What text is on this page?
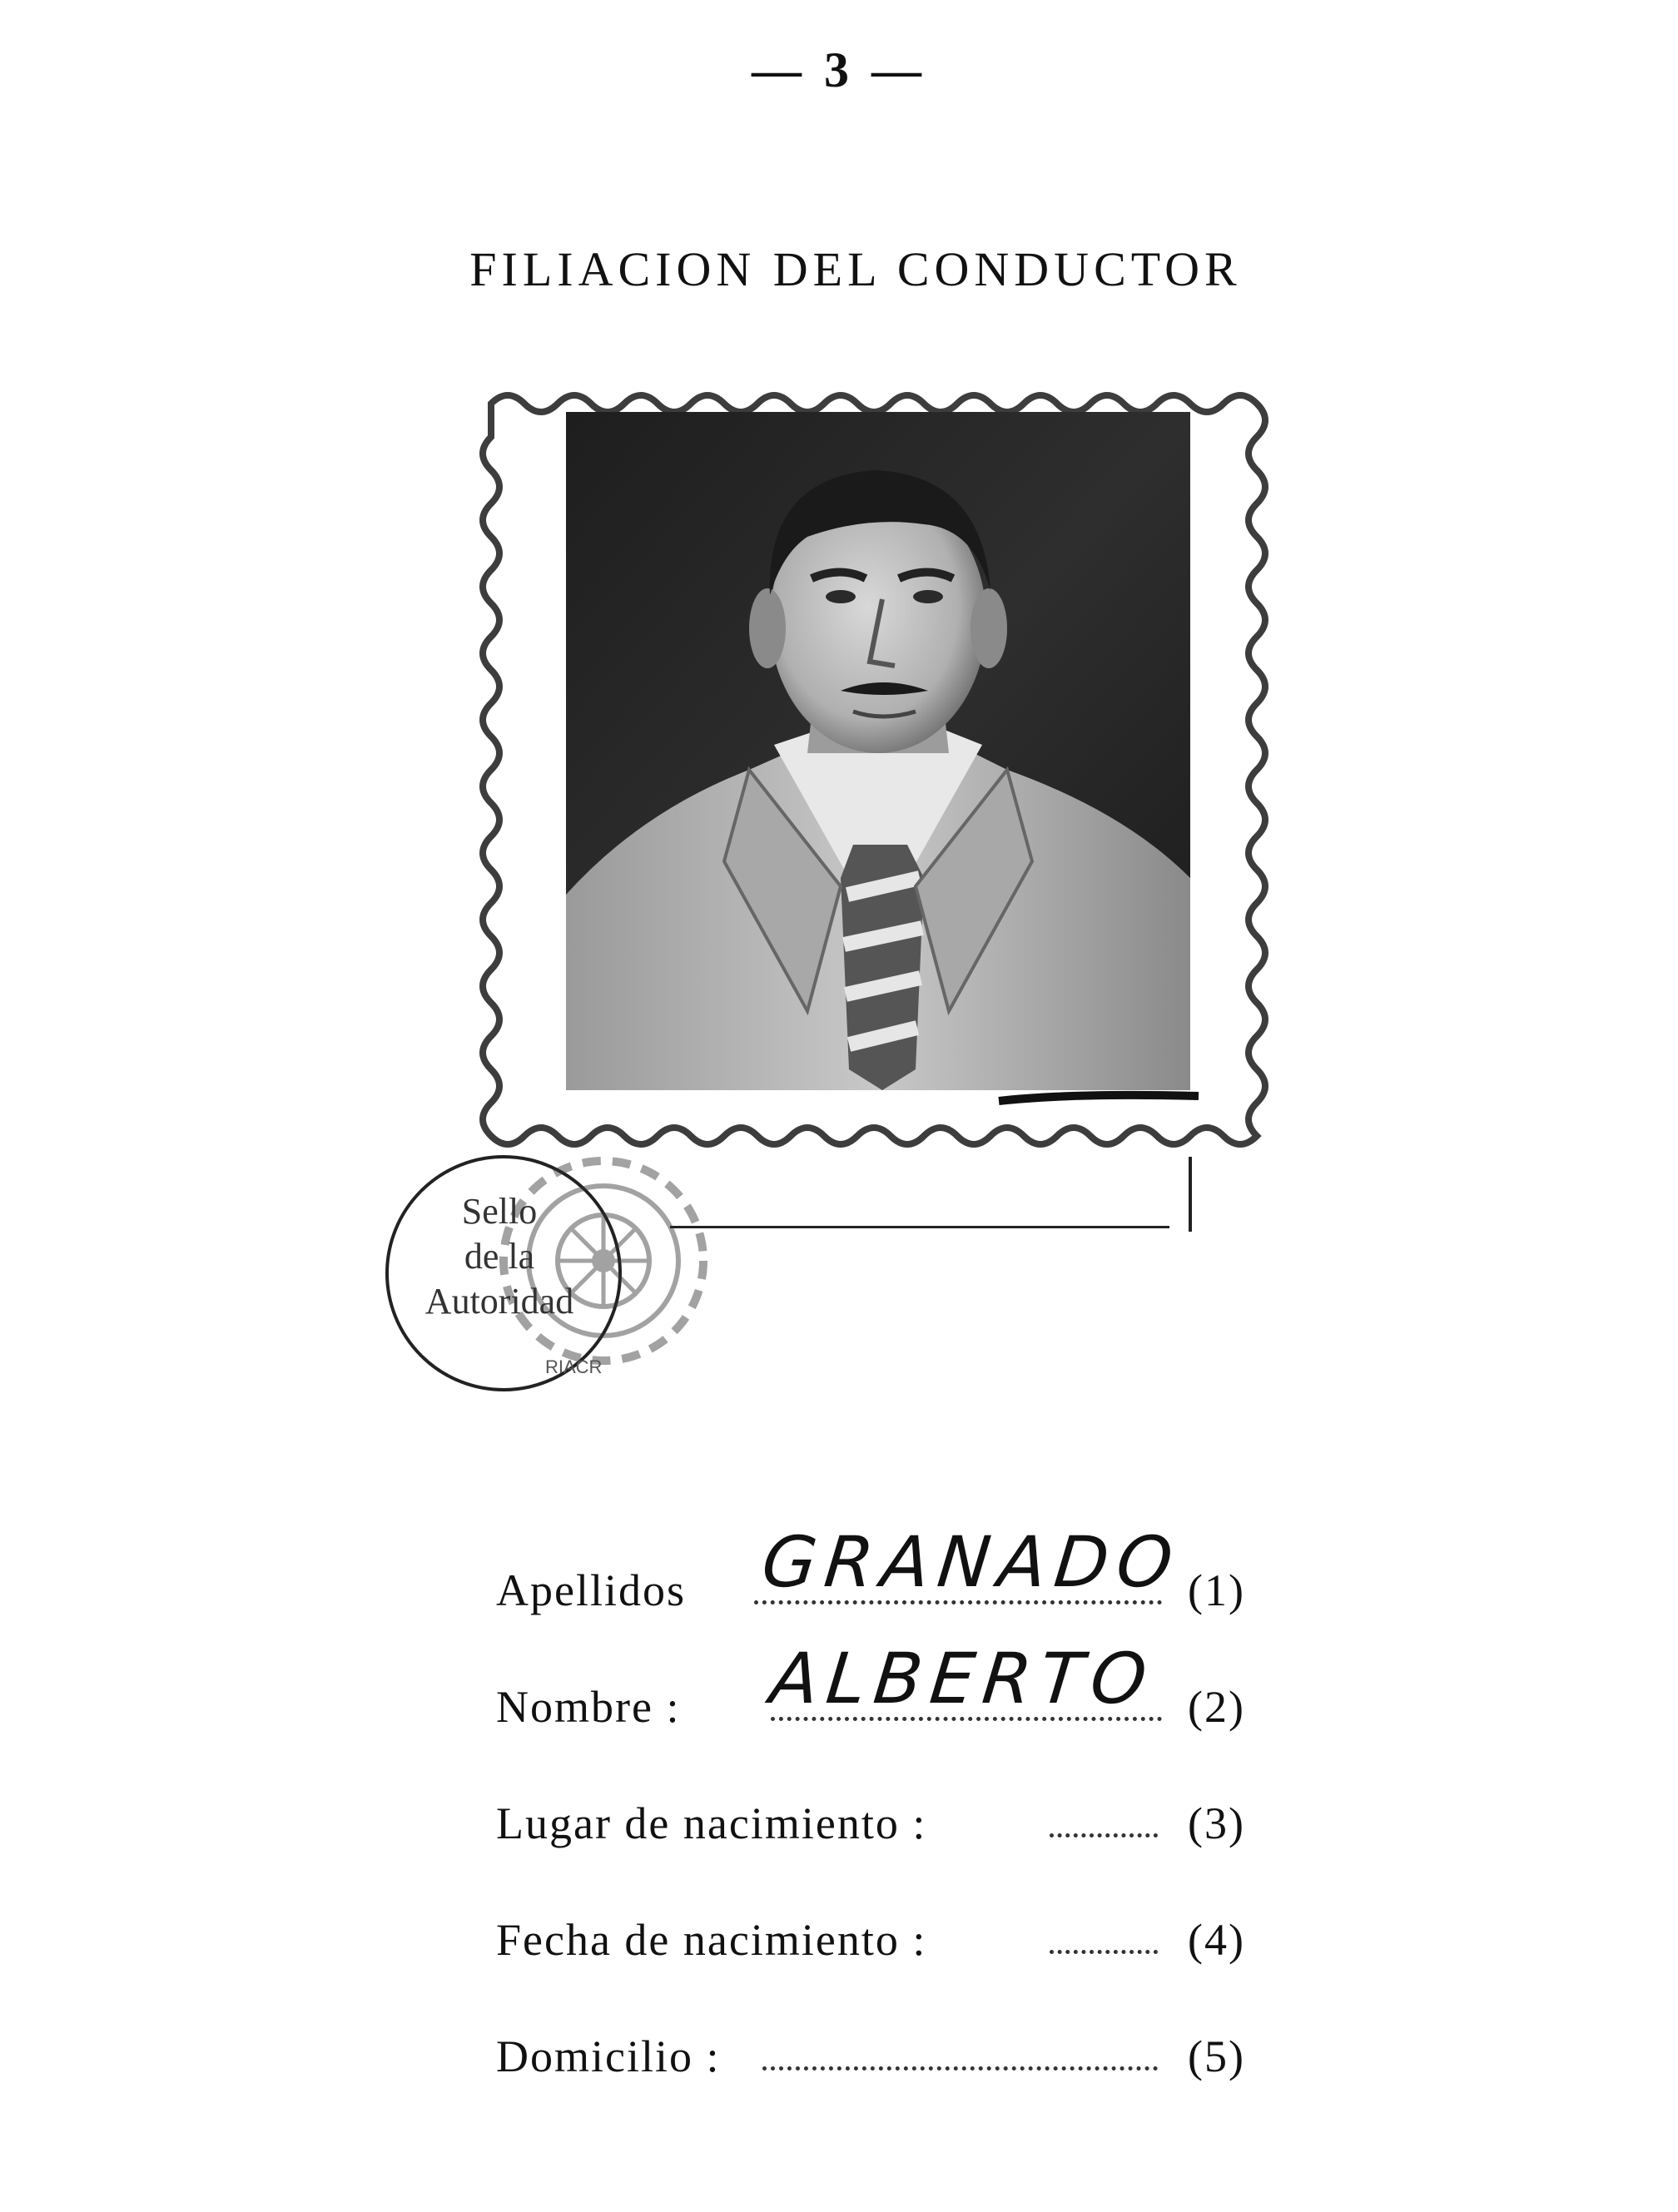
— 3 —
FILIACION DEL CONDUCTOR
RIACR
Sello
de la
Autoridad
Apellidos GRANADO (1)
Nombre : ALBERTO (2)
Lugar de nacimiento :	(3)
Fecha de nacimiento :	(4)
Domicilio :	(5)
